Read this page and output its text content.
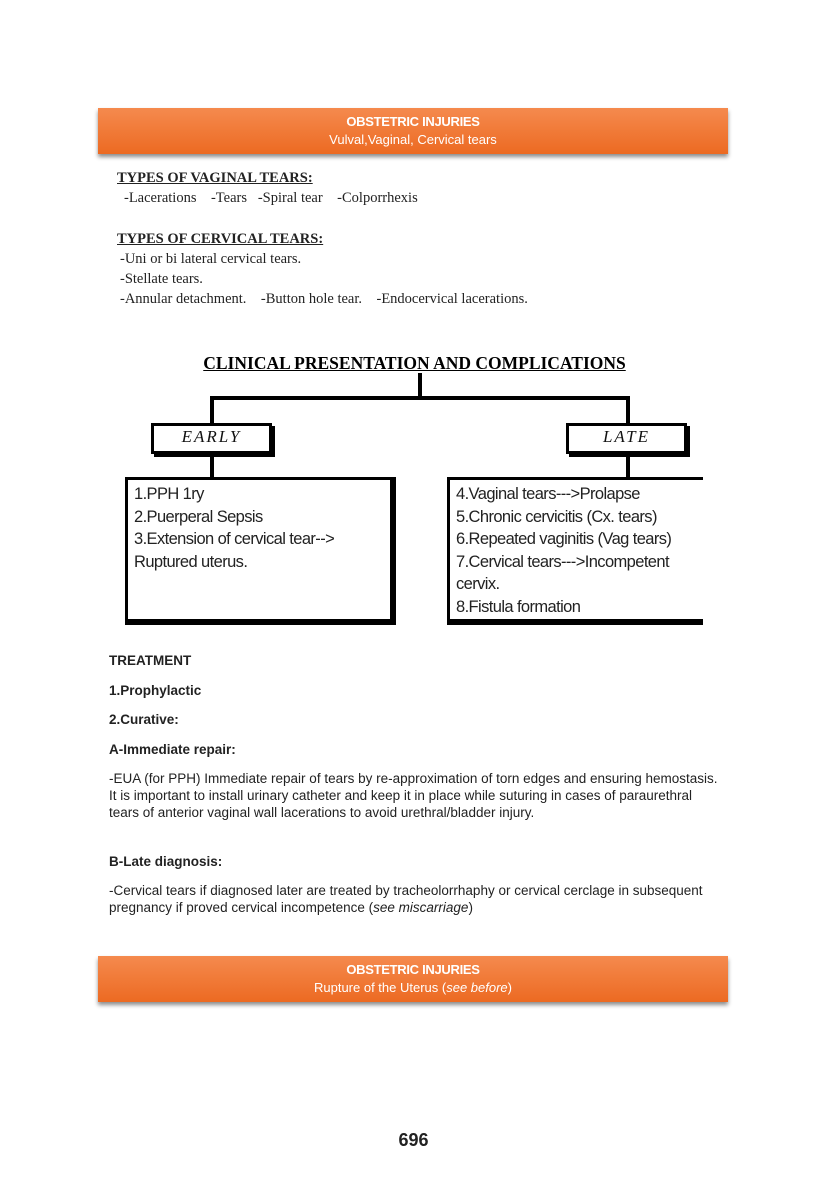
OBSTETRIC INJURIES
Vulval,Vaginal, Cervical tears
TYPES OF VAGINAL TEARS:
-Lacerations    -Tears   -Spiral tear    -Colporrhexis
TYPES OF CERVICAL TEARS:
-Uni or bi lateral cervical tears.
-Stellate tears.
-Annular detachment.    -Button hole tear.    -Endocervical lacerations.
CLINICAL PRESENTATION AND COMPLICATIONS
EARLY	LATE
1.PPH 1ry
2.Puerperal Sepsis
3.Extension of cervical tear-->
Ruptured uterus.
4.Vaginal tears--->Prolapse
5.Chronic cervicitis (Cx. tears)
6.Repeated vaginitis (Vag tears)
7.Cervical tears--->Incompetent
cervix.
8.Fistula formation
TREATMENT
1.Prophylactic
2.Curative:
A-Immediate repair:
-EUA (for PPH) Immediate repair of tears by re-approximation of torn edges and ensuring hemostasis. It is important to install urinary catheter and keep it in place while suturing in cases of paraurethral tears of anterior vaginal wall lacerations to avoid urethral/bladder injury.
B-Late diagnosis:
-Cervical tears if diagnosed later are treated by tracheolorrhaphy or cervical cerclage in subsequent pregnancy if proved cervical incompetence (see miscarriage)
OBSTETRIC INJURIES
Rupture of the Uterus (see before)
696
